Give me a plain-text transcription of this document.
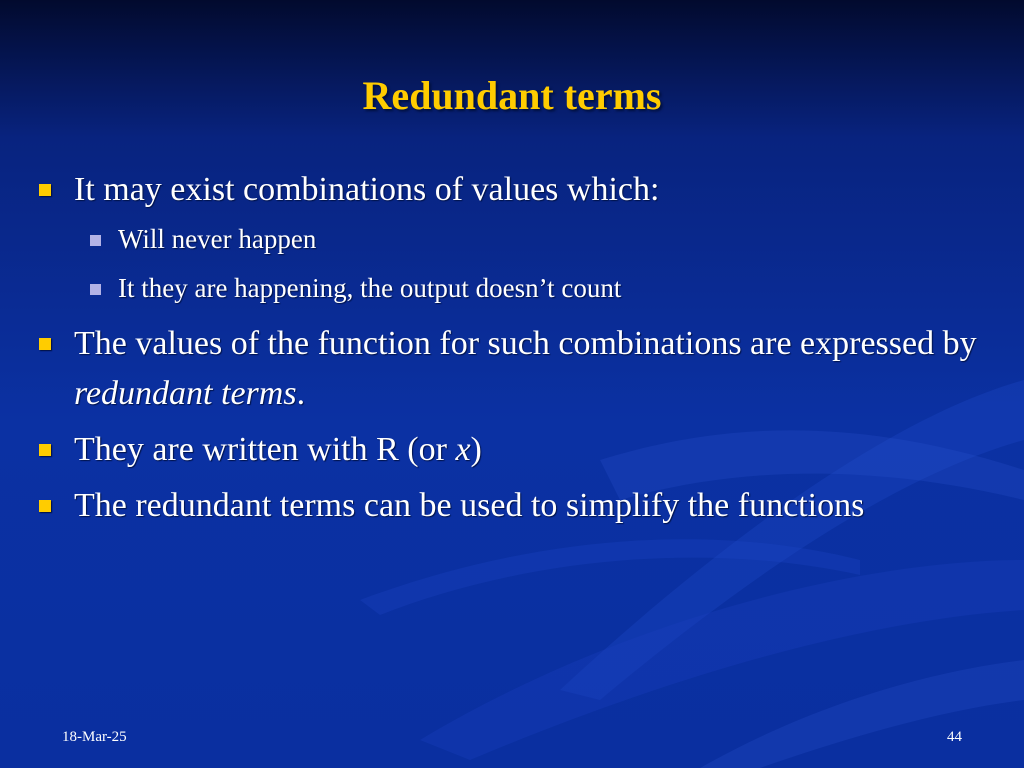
Redundant terms
It may exist combinations of values which:
Will never happen
It they are happening, the output doesn’t count
The values of the function for such combinations are expressed by redundant terms.
They are written with R (or x)
The redundant terms can be used to simplify the functions
18-Mar-25	44
